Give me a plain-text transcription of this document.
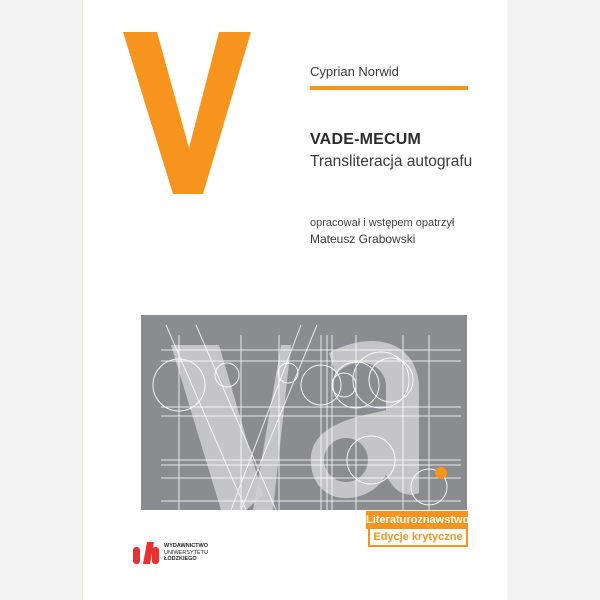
Cyprian Norwid
VADE-MECUM
Transliteracja autografu
opracował i wstępem opatrzył
Mateusz Grabowski
Literaturoznawstwo
Edycje krytyczne
WYDAWNICTWO
UNIWERSYTETU
ŁÓDZKIEGO
